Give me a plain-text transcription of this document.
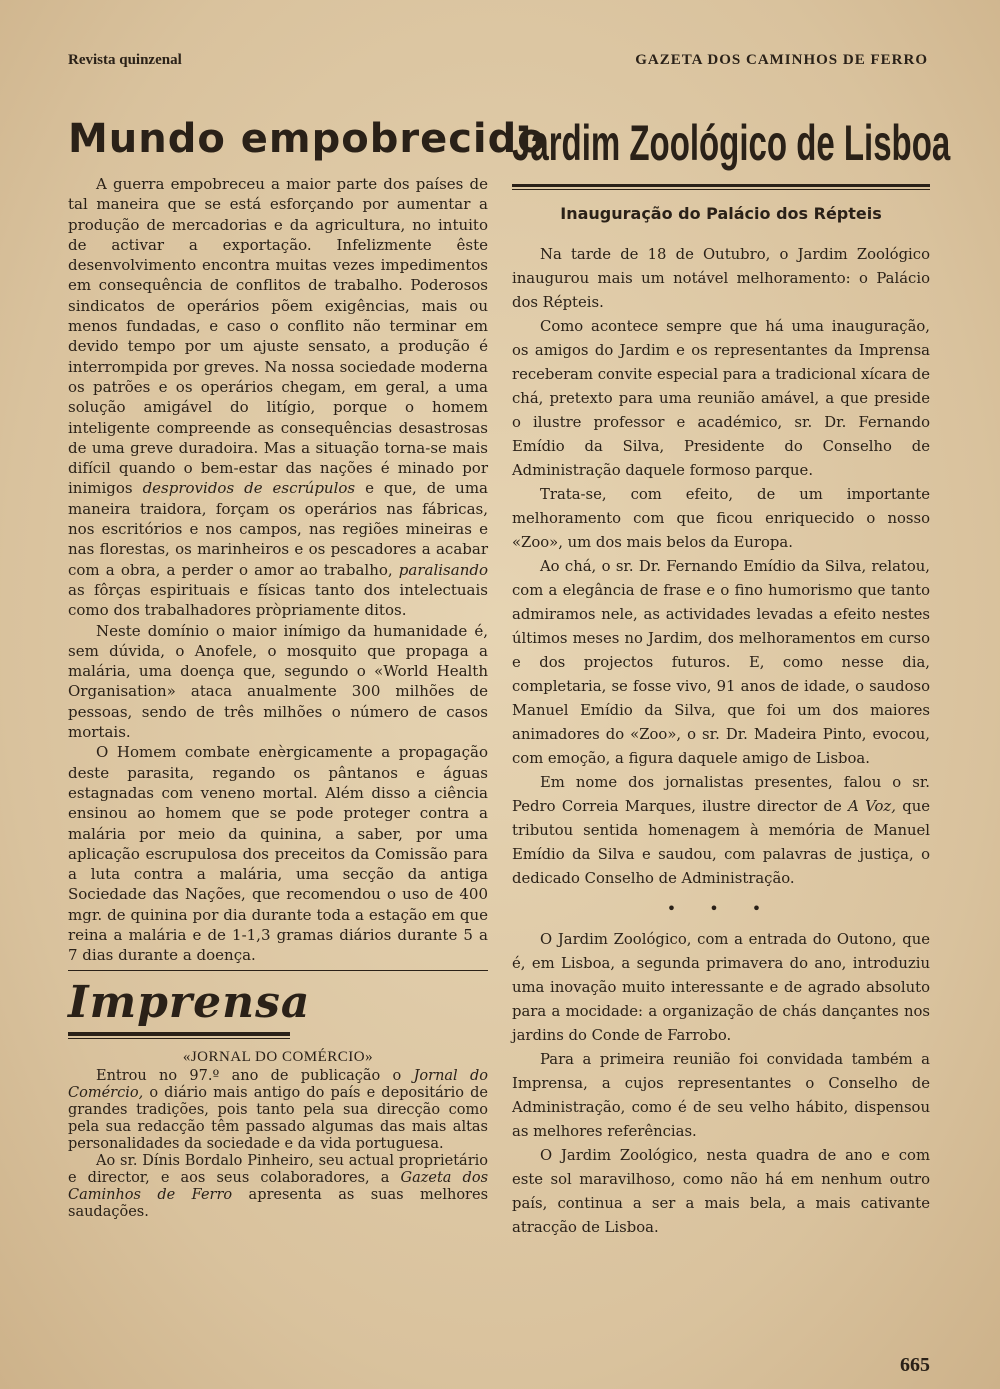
Revista quinzenal	GAZETA DOS CAMINHOS DE FERRO
Mundo empobrecido

A guerra empobreceu a maior parte dos países de tal maneira que se está esforçando por aumentar a produção de mercadorias e da agricultura, no intuito de activar a exportação. Infelizmente êste desenvolvimento encontra muitas vezes impedimentos em consequência de conflitos de trabalho. Poderosos sindicatos de operários põem exigências, mais ou menos fundadas, e caso o conflito não terminar em devido tempo por um ajuste sensato, a produção é interrompida por greves. Na nossa sociedade moderna os patrões e os operários chegam, em geral, a uma solução amigável do litígio, porque o homem inteligente compreende as consequências desastrosas de uma greve duradoira. Mas a situação torna-se mais difícil quando o bem-estar das nações é minado por inimigos desprovidos de escrúpulos e que, de uma maneira traidora, forçam os operários nas fábricas, nos escritórios e nos campos, nas regiões mineiras e nas florestas, os marinheiros e os pescadores a acabar com a obra, a perder o amor ao trabalho, paralisando as fôrças espirituais e físicas tanto dos intelectuais como dos trabalhadores pròpriamente ditos.

Neste domínio o maior inímigo da humanidade é, sem dúvida, o Anofele, o mosquito que propaga a malária, uma doença que, segundo o «World Health Organisation» ataca anualmente 300 milhões de pessoas, sendo de três milhões o número de casos mortais.

O Homem combate enèrgicamente a propagação deste parasita, regando os pântanos e águas estagnadas com veneno mortal. Além disso a ciência ensinou ao homem que se pode proteger contra a malária por meio da quinina, a saber, por uma aplicação escrupulosa dos preceitos da Comissão para a luta contra a malária, uma secção da antiga Sociedade das Nações, que recomendou o uso de 400 mgr. de quinina por dia durante toda a estação em que reina a malária e de 1-1,3 gramas diários durante 5 a 7 dias durante a doença.

Imprensa
«JORNAL DO COMÉRCIO»

Entrou no 97.º ano de publicação o Jornal do Comércio, o diário mais antigo do país e depositário de grandes tradições, pois tanto pela sua direcção como pela sua redacção têm passado algumas das mais altas personalidades da sociedade e da vida portuguesa.

Ao sr. Dínis Bordalo Pinheiro, seu actual proprietário e director, e aos seus colaboradores, a Gazeta dos Caminhos de Ferro apresenta as suas melhores saudações.

Jardim Zoológico de Lisboa
Inauguração do Palácio dos Répteis

Na tarde de 18 de Outubro, o Jardim Zoológico inaugurou mais um notável melhoramento: o Palácio dos Répteis.

Como acontece sempre que há uma inauguração, os amigos do Jardim e os representantes da Imprensa receberam convite especial para a tradicional xícara de chá, pretexto para uma reunião amável, a que preside o ilustre professor e académico, sr. Dr. Fernando Emídio da Silva, Presidente do Conselho de Administração daquele formoso parque.

Trata-se, com efeito, de um importante melhoramento com que ficou enriquecido o nosso «Zoo», um dos mais belos da Europa.

Ao chá, o sr. Dr. Fernando Emídio da Silva, relatou, com a elegância de frase e o fino humorismo que tanto admiramos nele, as actividades levadas a efeito nestes últimos meses no Jardim, dos melhoramentos em curso e dos projectos futuros. E, como nesse dia, completaria, se fosse vivo, 91 anos de idade, o saudoso Manuel Emídio da Silva, que foi um dos maiores animadores do «Zoo», o sr. Dr. Madeira Pinto, evocou, com emoção, a figura daquele amigo de Lisboa.

Em nome dos jornalistas presentes, falou o sr. Pedro Correia Marques, ilustre director de A Voz, que tributou sentida homenagem à memória de Manuel Emídio da Silva e saudou, com palavras de justiça, o dedicado Conselho de Administração.

• • •

O Jardim Zoológico, com a entrada do Outono, que é, em Lisboa, a segunda primavera do ano, introduziu uma inovação muito interessante e de agrado absoluto para a mocidade: a organização de chás dançantes nos jardins do Conde de Farrobo.

Para a primeira reunião foi convidada também a Imprensa, a cujos representantes o Conselho de Administração, como é de seu velho hábito, dispensou as melhores referências.

O Jardim Zoológico, nesta quadra de ano e com este sol maravilhoso, como não há em nenhum outro país, continua a ser a mais bela, a mais cativante atracção de Lisboa.

665
